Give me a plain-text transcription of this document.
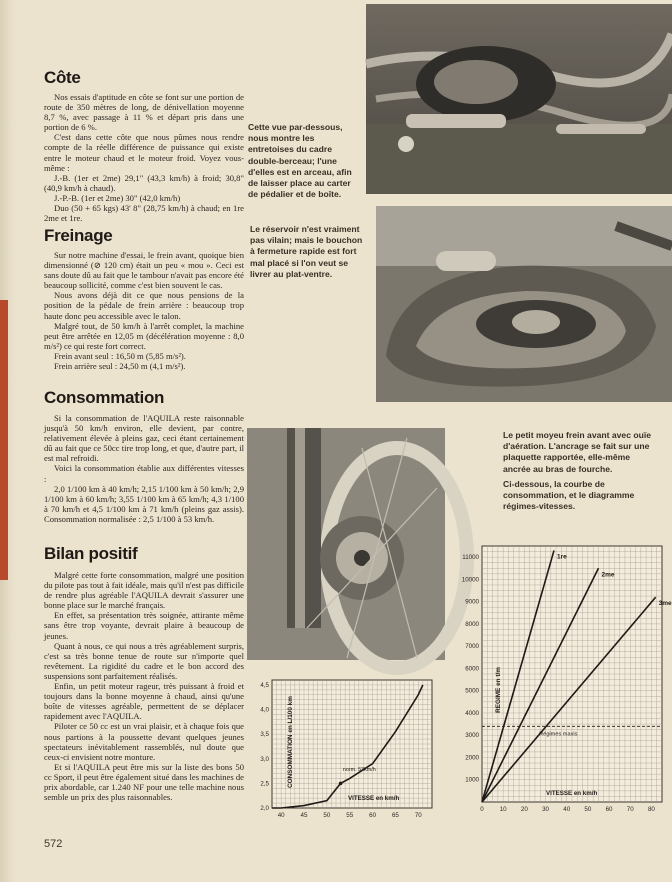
Côte

Nos essais d'aptitude en côte se font sur une portion de route de 350 mètres de long, de dénivellation moyenne 8,7 %, avec passage à 11 % et départ pris dans une portion de 6 %.

C'est dans cette côte que nous pûmes nous rendre compte de la réelle différence de puissance qui existe entre le moteur chaud et le moteur froid. Voyez vous-même :

J.-B. (1er et 2me) 29,1" (43,3 km/h) à froid; 30,8" (40,9 km/h à chaud).

J.-P.-B. (1er et 2me) 30" (42,0 km/h)

Duo (50 + 65 kgs) 43' 8" (28,75 km/h) à chaud; en 1re 2me et 1re.

Freinage

Sur notre machine d'essai, le frein avant, quoique bien dimensionné (⊘ 120 cm) était un peu « mou ». Ceci est sans doute dû au fait que le tambour n'avait pas encore été beaucoup sollicité, comme c'est bien souvent le cas.

Nous avons déjà dit ce que nous pensions de la position de la pédale de frein arrière : beaucoup trop haute donc peu accessible avec le talon.

Malgré tout, de 50 km/h à l'arrêt complet, la machine peut être arrêtée en 12,05 m (décélération moyenne : 8,0 m/s²) ce qui reste fort correct.

Frein avant seul : 16,50 m (5,85 m/s²).

Frein arrière seul : 24,50 m (4,1 m/s²).

Consommation

Si la consommation de l'AQUILA reste raisonnable jusqu'à 50 km/h environ, elle devient, par contre, relativement élevée à pleins gaz, ceci étant certainement dû au fait que ce 50cc tire trop long, et que, d'autre part, il est mal refroidi.

Voici la consommation établie aux différentes vitesses :

2,0 1/100 km à 40 km/h; 2,15 1/100 km à 50 km/h; 2,9 1/100 km à 60 km/h; 3,55 1/100 km à 65 km/h; 4,3 1/100 à 70 km/h et 4,5 1/100 km à 71 km/h (pleins gaz assis). Consommation normalisée : 2,5 1/100 à 53 km/h.

Bilan positif

Malgré cette forte consommation, malgré une position du pilote pas tout à fait idéale, mais qu'il n'est pas difficile de rendre plus agréable l'AQUILA devrait s'assurer une bonne place sur le marché français.

En effet, sa présentation très soignée, attirante même sans être trop voyante, devrait plaire à beaucoup de jeunes.

Quant à nous, ce qui nous a très agréablement surpris, c'est sa très bonne tenue de route sur n'importe quel revêtement. La rigidité du cadre et le bon accord des suspensions sont parfaitement réalisés.

Enfin, un petit moteur rageur, très puissant à froid et toujours dans la bonne moyenne à chaud, ainsi qu'une boîte de vitesses agréable, permettent de se déplacer rapidement avec l'AQUILA.

Piloter ce 50 cc est un vrai plaisir, et à chaque fois que nous partions à la poussette devant quelques jeunes spectateurs inévitablement rassemblés, nul doute que ceux-ci envisient notre monture.

Et si l'AQUILA peut être mis sur la liste des bons 50 cc Sport, il peut être également situé dans les machines de prix abordable, car 1.240 NF pour une telle machine nous semble un prix des plus raisonnables.

572

Cette vue par-dessous, nous montre les entretoises du cadre double-berceau; l'une d'elles est en arceau, afin de laisser place au carter de pédalier et de boîte.

Le réservoir n'est vraiment pas vilain; mais le bouchon à fermeture rapide est fort mal placé si l'on veut se livrer au plat-ventre.

Le petit moyeu frein avant avec ouïe d'aération. L'ancrage se fait sur une plaquette rapportée, elle-même ancrée au bras de fourche.

Ci-dessous, la courbe de consommation, et le diagramme régimes-vitesses.

40	45	50	55	60	65	70
2,0
2,5
3,0
3,5
4,0
4,5
VITESSE en km/h
CONSOMMATION en L/100 km	norm. 53km/h
0	10 20 30 40 50 60 70 80
1000
2000
3000
4000
5000
6000
7000
8000
9000
10000
11000	1re
2me
3me
VITESSE en km/h
REGIME en t/m
Régimes maxis
